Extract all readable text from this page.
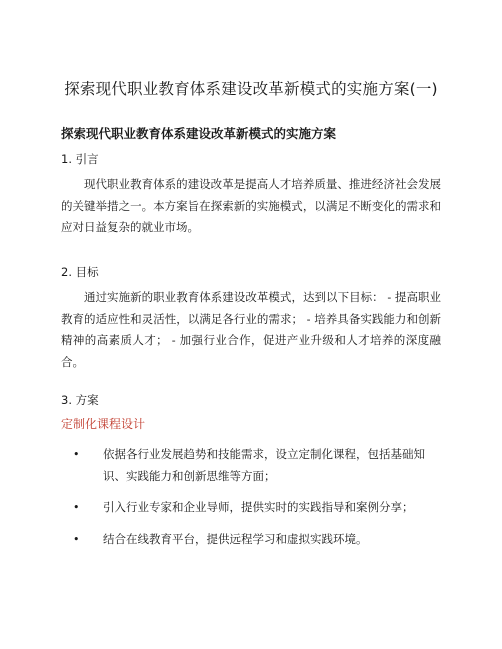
探索现代职业教育体系建设改革新模式的实施方案(一)
探索现代职业教育体系建设改革新模式的实施方案
1. 引言

现代职业教育体系的建设改革是提高人才培养质量、推进经济社会发展的关键举措之一。本方案旨在探索新的实施模式，以满足不断变化的需求和应对日益复杂的就业市场。

2. 目标

通过实施新的职业教育体系建设改革模式，达到以下目标： - 提高职业教育的适应性和灵活性，以满足各行业的需求； - 培养具备实践能力和创新精神的高素质人才； - 加强行业合作，促进产业升级和人才培养的深度融合。

3. 方案
定制化课程设计
• 依据各行业发展趋势和技能需求，设立定制化课程，包括基础知识、实践能力和创新思维等方面；
• 引入行业专家和企业导师，提供实时的实践指导和案例分享；
• 结合在线教育平台，提供远程学习和虚拟实践环境。
